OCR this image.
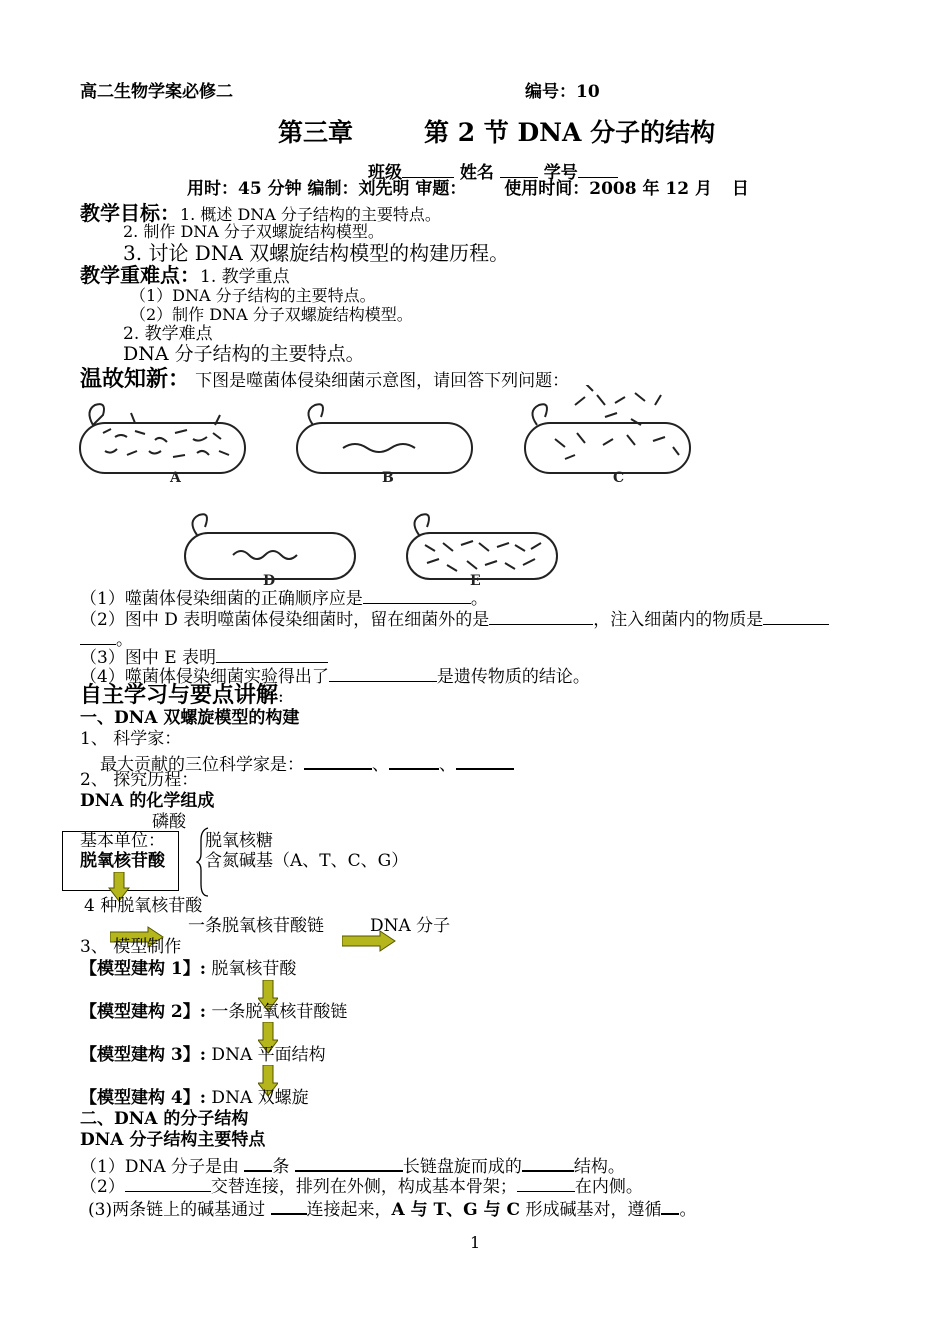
高二生物学案必修二	编号：10
第三章	第 2 节 DNA 分子的结构
班级	姓名	学号
用时：45 分钟 编制：刘先明 审题： 使用时间：2008 年 12 月 日
教学目标：1. 概述 DNA 分子结构的主要特点。
2. 制作 DNA 分子双螺旋结构模型。
3. 讨论 DNA 双螺旋结构模型的构建历程。
教学重难点：1. 教学重点
（1）DNA 分子结构的主要特点。
（2）制作 DNA 分子双螺旋结构模型。
2. 教学难点
DNA 分子结构的主要特点。
温故知新： 下图是噬菌体侵染细菌示意图，请回答下列问题：
A	B	C
D	E
（1）噬菌体侵染细菌的正确顺序应是	。
（2）图中 D 表明噬菌体侵染细菌时，留在细菌外的是	，注入细菌内的物质是
。
（3）图中 E 表明
（4）噬菌体侵染细菌实验得出了	是遗传物质的结论。
自主学习与要点讲解:
一、DNA 双螺旋模型的构建
1、 科学家：
最大贡献的三位科学家是：	、	、
2、 探究历程：
DNA 的化学组成
磷酸
基本单位：
脱氧核苷酸
脱氧核糖
含氮碱基（A、T、C、G）
4 种脱氧核苷酸
一条脱氧核苷酸链	DNA 分子
3、 模型制作
【模型建构 1】: 脱氧核苷酸
【模型建构 2】: 一条脱氧核苷酸链
【模型建构 3】: DNA 平面结构
【模型建构 4】: DNA 双螺旋
二、DNA 的分子结构
DNA 分子结构主要特点
（1）DNA 分子是由 条	长链盘旋而成的	结构。
（2）	交替连接，排列在外侧，构成基本骨架；	在内侧。
(3)两条链上的碱基通过 连接起来，A 与 T、G 与 C 形成碱基对，遵循 。
1
